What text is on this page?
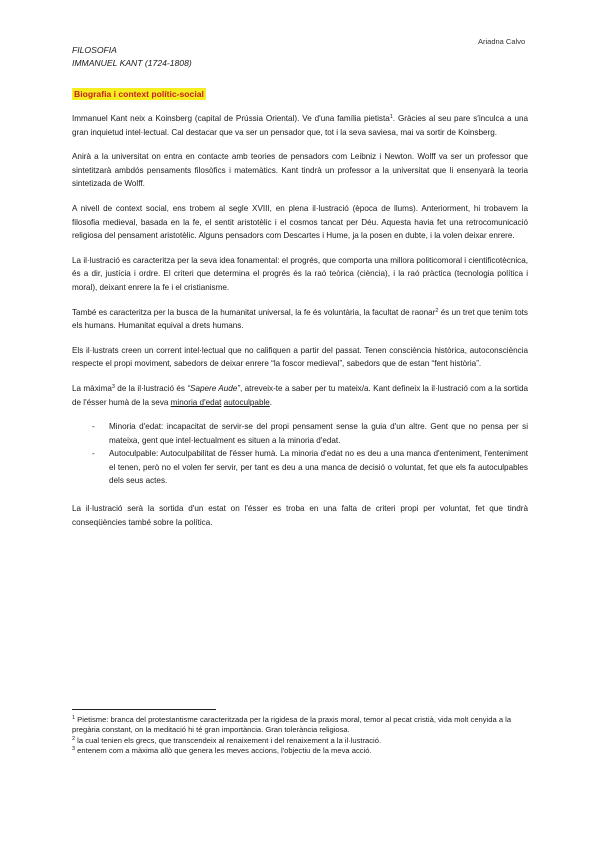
Ariadna Calvo
FILOSOFIA
IMMANUEL KANT (1724-1808)
Biografia i context polític-social

Immanuel Kant neix a Koinsberg (capital de Prússia Oriental). Ve d'una família pietista$^1$. Gràcies al seu pare s'inculca a una gran inquietud intel·lectual. Cal destacar que va ser un pensador que, tot i la seva saviesa, mai va sortir de Koinsberg.

Anirà a la universitat on entra en contacte amb teories de pensadors com Leibniz i Newton. Wolff va ser un professor que sintetitzarà ambdós pensaments filosòfics i matemàtics. Kant tindrà un professor a la universitat que li ensenyarà la teoria sintetizada de Wolff.

A nivell de context social, ens trobem al segle XVIII, en plena il·lustració (època de llums). Anteriorment, hi trobavem la filosofia medieval, basada en la fe, el sentit aristotèlic i el cosmos tancat per Déu. Aquesta havia fet una retrocomunicació religiosa del pensament aristotèlic. Alguns pensadors com Descartes i Hume, ja la posen en dubte, i la volen deixar enrere.

La il·lustració es caracteritza per la seva idea fonamental: el progrés, que comporta una millora politicomoral i cientificotècnica, és a dir, justícia i ordre. El criteri que determina el progrés és la raó teòrica (ciència), i la raó pràctica (tecnologia política i moral), deixant enrere la fe i el cristianisme.

També es caracteritza per la busca de la humanitat universal, la fe és voluntària, la facultat de raonar$^2$ és un tret que tenim tots els humans. Humanitat equival a drets humans.

Els il·lustrats creen un corrent intel·lectual que no califiquen a partir del passat. Tenen consciència històrica, autoconsciència respecte el propi moviment, sabedors de deixar enrere “la foscor medieval”, sabedors que de estan “fent història”.

La màxima$^3$ de la il·lustració és “Sapere Aude”, atreveix-te a saber per tu mateix/a. Kant defineix la il·lustració com a la sortida de l'ésser humà de la seva minoria d'edat autoculpable.

- Minoria d'edat: incapacitat de servir-se del propi pensament sense la guia d'un altre. Gent que no pensa per si mateixa, gent que intel·lectualment es situen a la minoria d'edat.
- Autoculpable: Autoculpabilitat de l'ésser humà. La minoria d'edat no es deu a una manca d'enteniment, l'enteniment el tenen, però no el volen fer servir, per tant es deu a una manca de decisió o voluntat, fet que els fa autoculpables dels seus actes.

La il·lustració serà la sortida d'un estat on l'ésser es troba en una falta de criteri propi per voluntat, fet que tindrà conseqüències també sobre la política.

$^1$ Pietisme: branca del protestantisme caracteritzada per la rigidesa de la praxis moral, temor al pecat cristià, vida molt cenyida a la pregària constant, on la meditació hi té gran importància. Gran tolerància religiosa.
$^2$ la cual tenien els grecs, que transcendeix al renaixement i del renaixement a la il·lustració.
$^3$ entenem com a màxima allò que genera les meves accions, l'objectiu de la meva acció.
